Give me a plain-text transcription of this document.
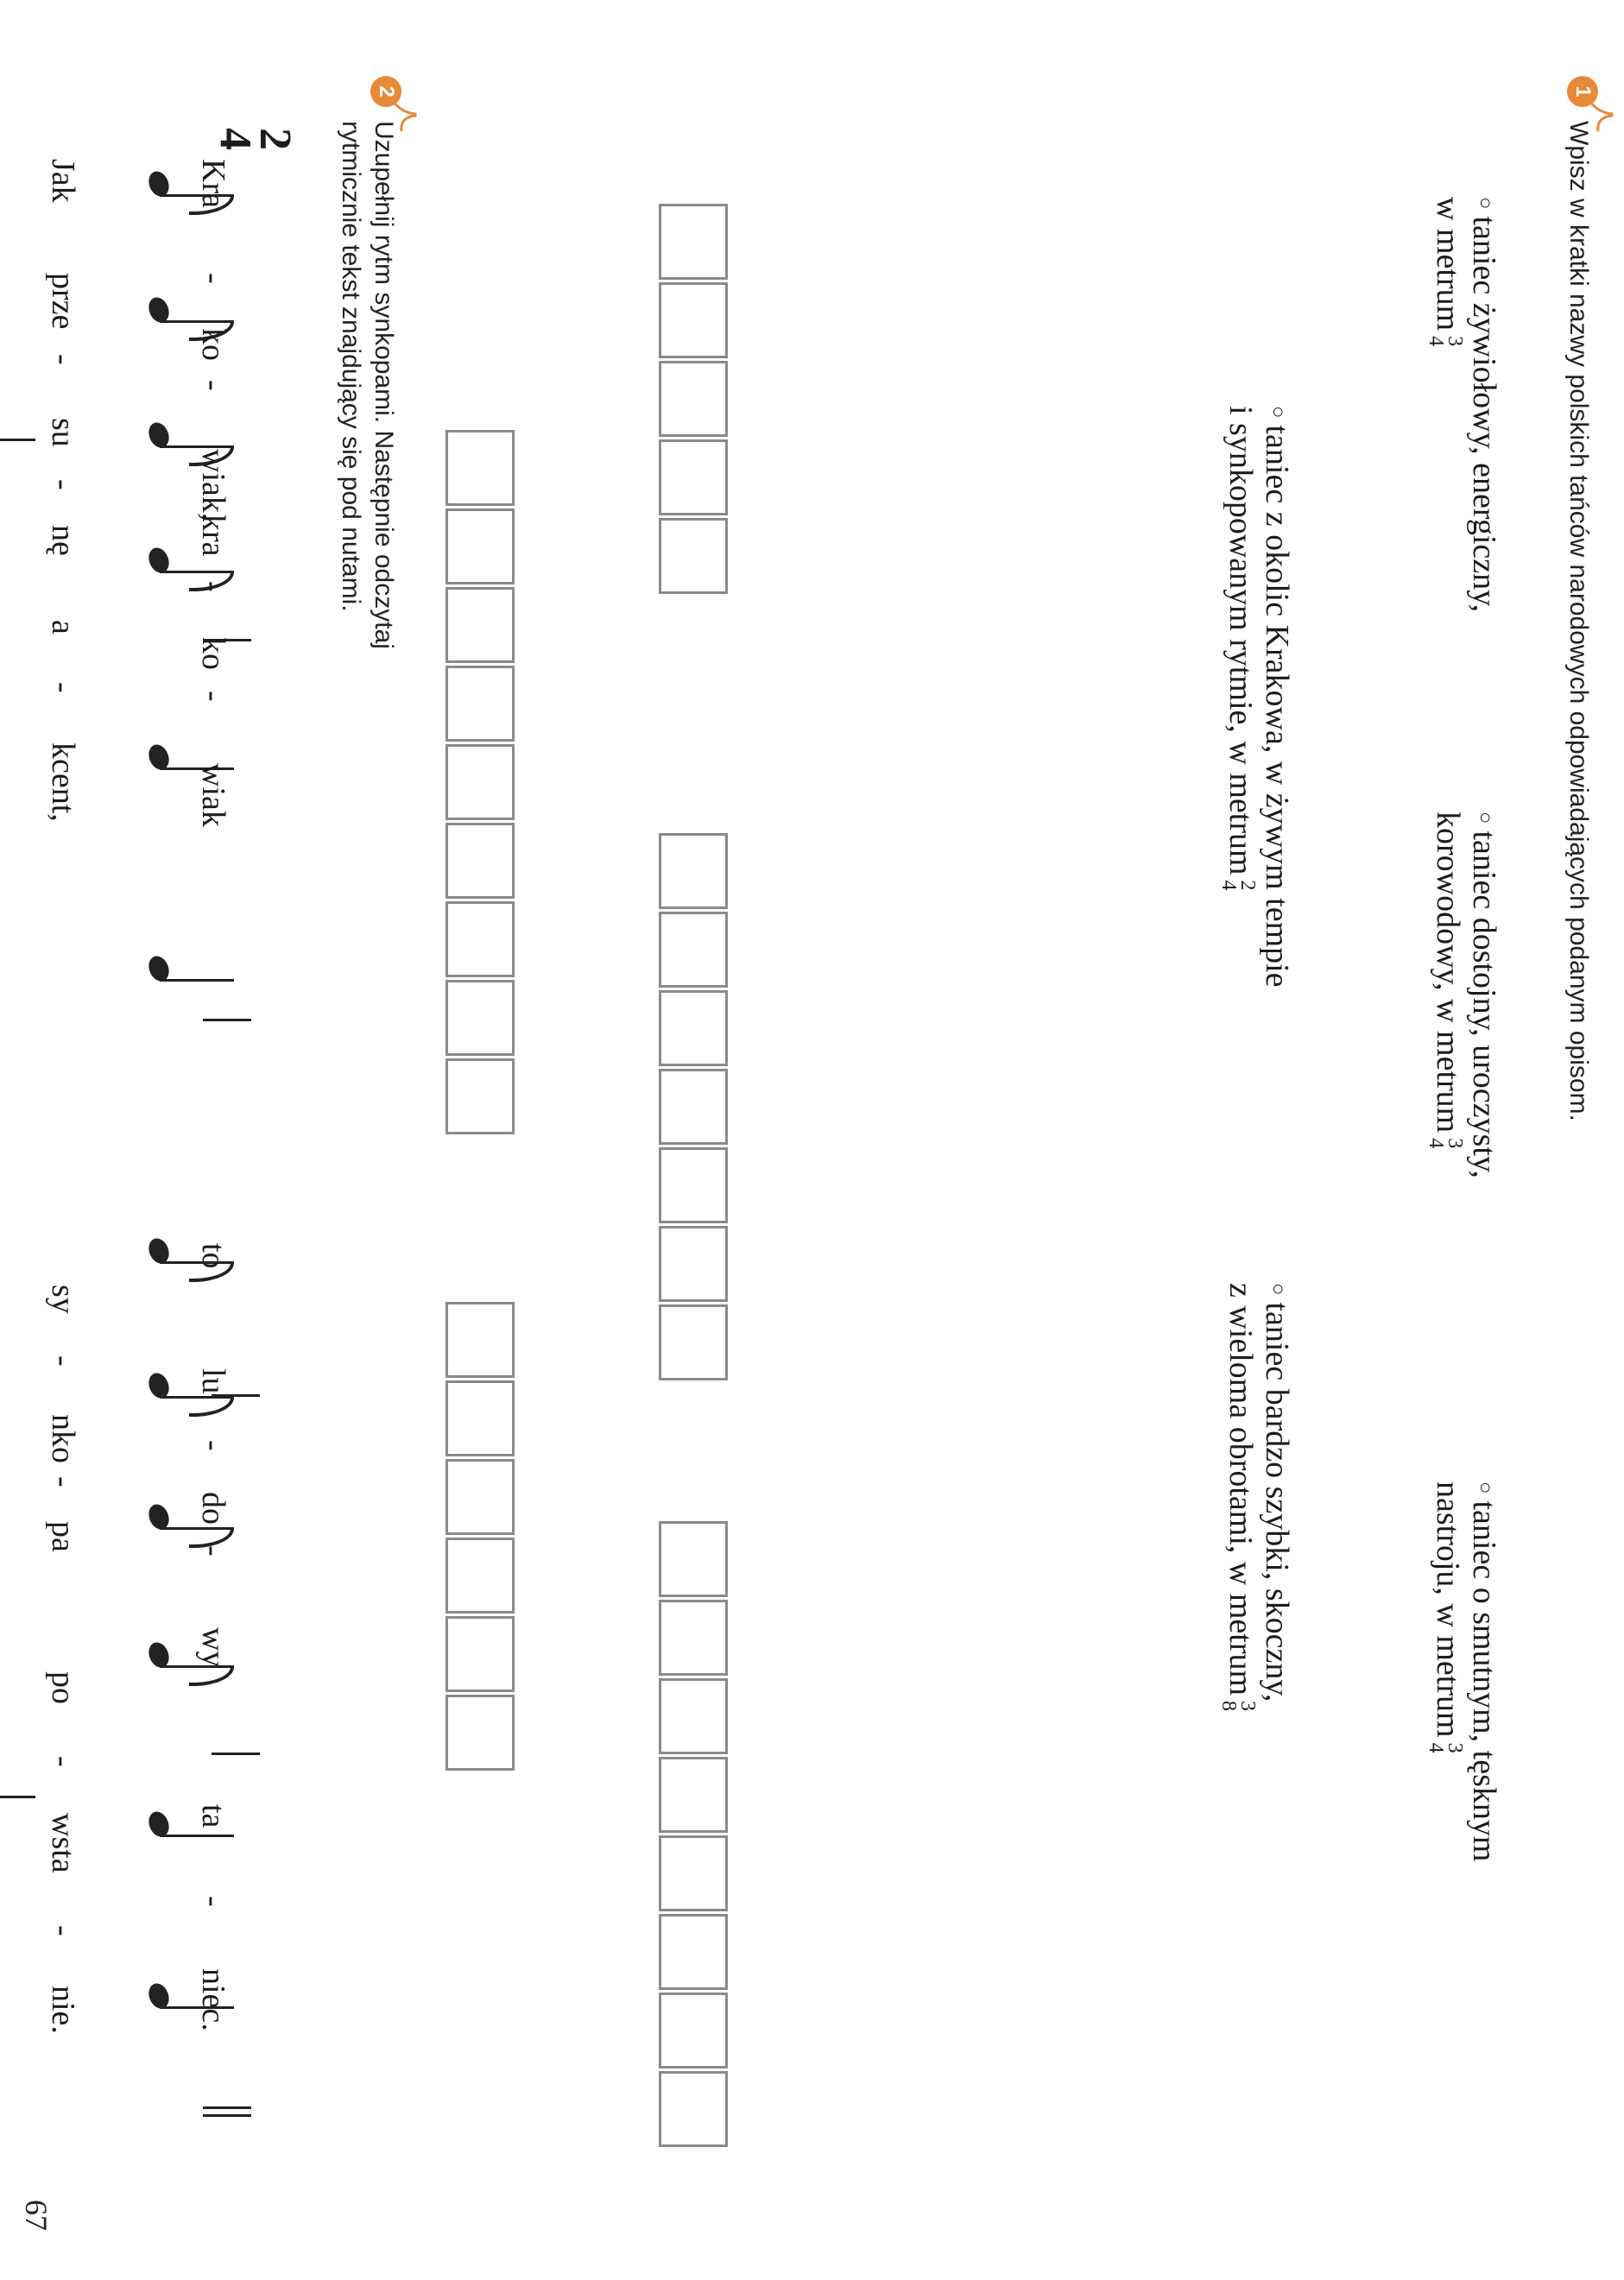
1
Wpisz w kratki nazwy polskich tańców narodowych odpowiadających podanym opisom.
○taniec żywiołowy, energiczny,
w metrum
3
4
○taniec dostojny, uroczysty,
korowodowy, w metrum
3
4
○taniec o smutnym, tęsknym
nastroju, w metrum
3
4
○taniec z okolic Krakowa, w żywym tempie
i synkopowanym rytmie, w metrum
2
4
○taniec bardzo szybki, skoczny,
z wieloma obrotami, w metrum
3
8
2
Uzupełnij rytm synkopami. Następnie odczytaj
rytmicznie tekst znajdujący się pod nutami.
2
4
Kra
-
ko
-
wiak,
kra
-
ko
-
wiak
to
lu
-
do
-
wy
ta
-
niec.
Jak
prze
-
su
-
nę
a
-
kcent,
sy
-
nko
-
pa
po
-
wsta
-
nie.
67
